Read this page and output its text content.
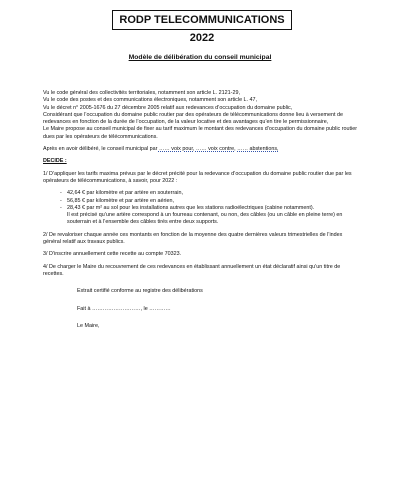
RODP TELECOMMUNICATIONS 2022
Modèle de délibération du conseil municipal

Vu le code général des collectivités territoriales, notamment son article L. 2121-29,

Vu le code des postes et des communications électroniques, notamment son article L. 47,

Vu le décret n° 2005-1676 du 27 décembre 2005 relatif aux redevances d’occupation du domaine public,

Considérant que l’occupation du domaine public routier par des opérateurs de télécommunications donne lieu à versement de redevances en fonction de la durée de l’occupation, de la valeur locative et des avantages qu’en tire le permissionnaire,

Le Maire propose au conseil municipal de fixer au tarif maximum le montant des redevances d’occupation du domaine public routier dues par les opérateurs de télécommunications.

Après en avoir délibéré, le conseil municipal par …… voix pour, …… voix contre, …… abstentions,

DECIDE :

1/ D’appliquer les tarifs maxima prévus par le décret précité pour la redevance d’occupation du domaine public routier due par les opérateurs de télécommunications, à savoir, pour 2022 :

- 42,64 € par kilomètre et par artère en souterrain,
- 56,85 € par kilomètre et par artère en aérien,
- 28,43 € par m² au sol pour les installations autres que les stations radioélectriques (cabine notamment).

Il est précisé qu’une artère correspond à un fourreau contenant, ou non, des câbles (ou un câble en pleine terre) en souterrain et à l’ensemble des câbles tirés entre deux supports.

2/ De revaloriser chaque année ces montants en fonction de la moyenne des quatre dernières valeurs trimestrielles de l’index général relatif aux travaux publics.

3/ D’inscrire annuellement cette recette au compte 70323.

4/ De charger le Maire du recouvrement de ces redevances en établissant annuellement un état déclaratif ainsi qu’un titre de recettes.

Extrait certifié conforme au registre des délibérations

Fait à ………………………, le …………

Le Maire,
